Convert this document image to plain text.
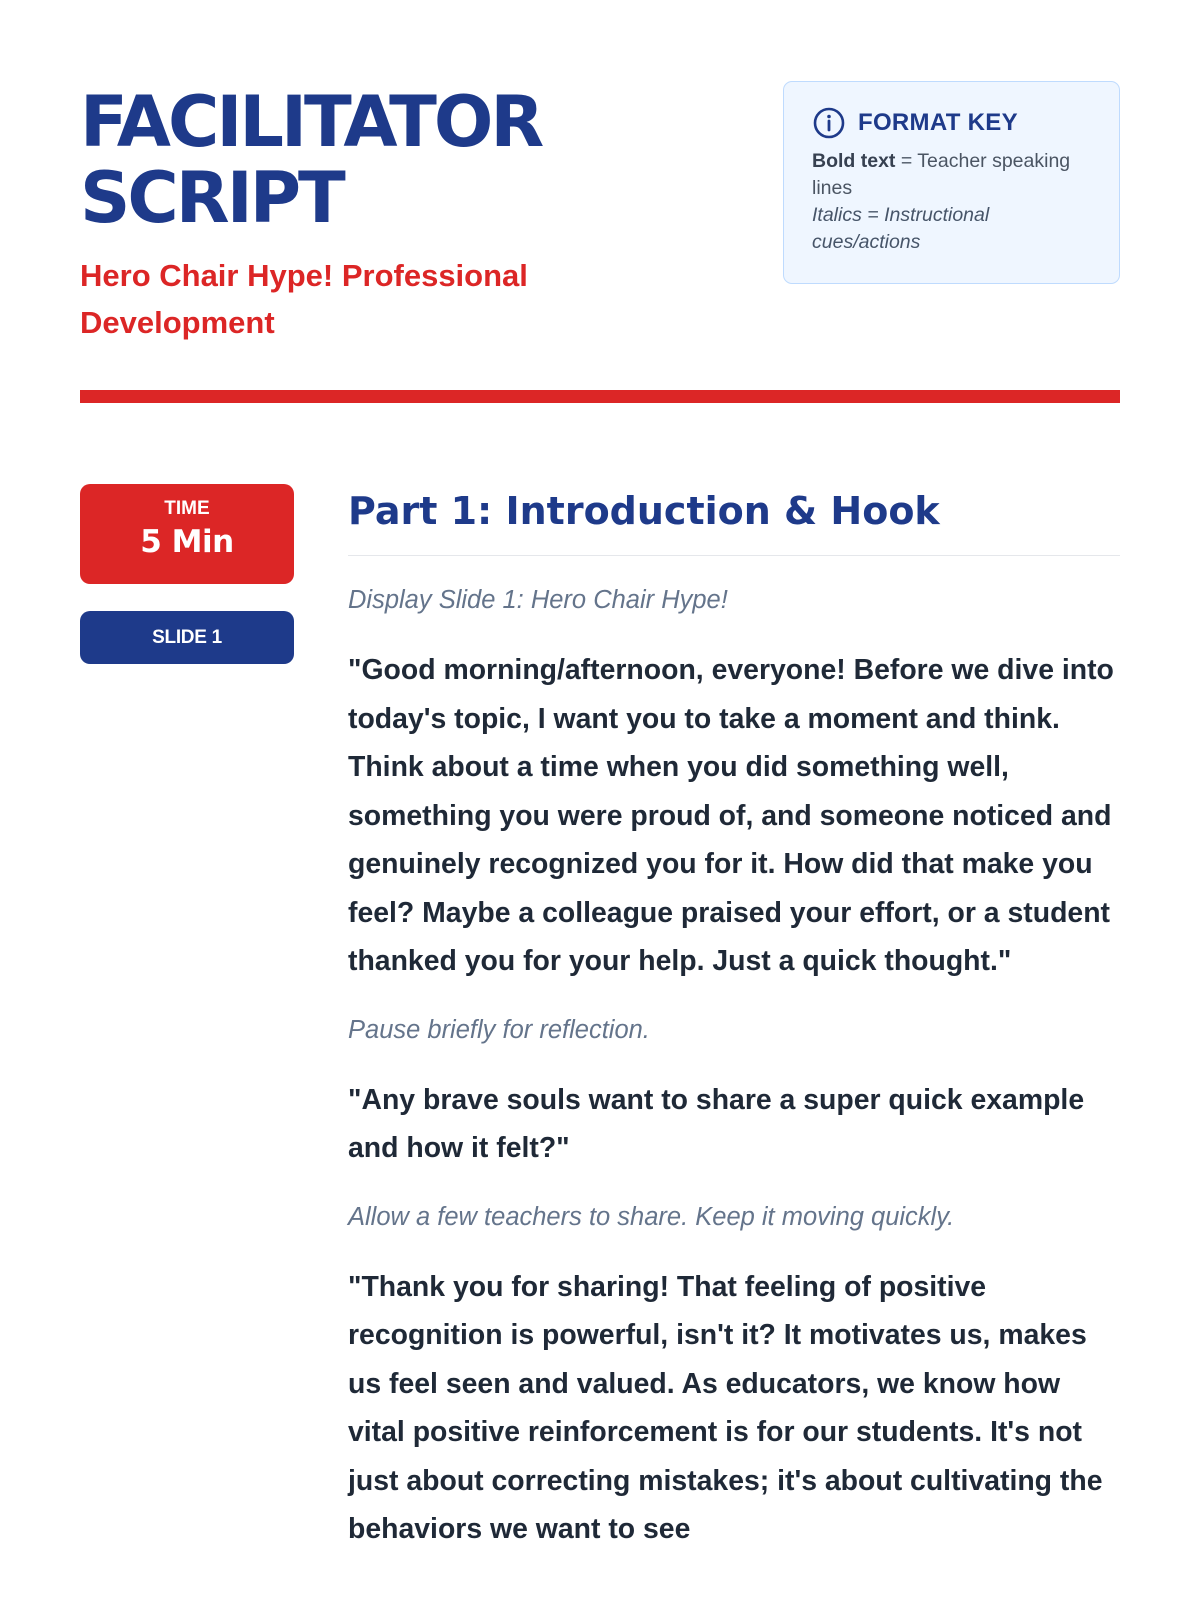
FACILITATOR
SCRIPT

Hero Chair Hype! Professional Development

FORMAT KEY
Bold text = Teacher speaking lines
Italics = Instructional cues/actions
TIME
5 Min
SLIDE 1
Part 1: Introduction & Hook

Display Slide 1: Hero Chair Hype!

"Good morning/afternoon, everyone! Before we dive into today's topic, I want you to take a moment and think. Think about a time when you did something well, something you were proud of, and someone noticed and genuinely recognized you for it. How did that make you feel? Maybe a colleague praised your effort, or a student thanked you for your help. Just a quick thought."

Pause briefly for reflection.

"Any brave souls want to share a super quick example and how it felt?"

Allow a few teachers to share. Keep it moving quickly.

"Thank you for sharing! That feeling of positive recognition is powerful, isn't it? It motivates us, makes us feel seen and valued. As educators, we know how vital positive reinforcement is for our students. It's not just about correcting mistakes; it's about cultivating the behaviors we want to see
